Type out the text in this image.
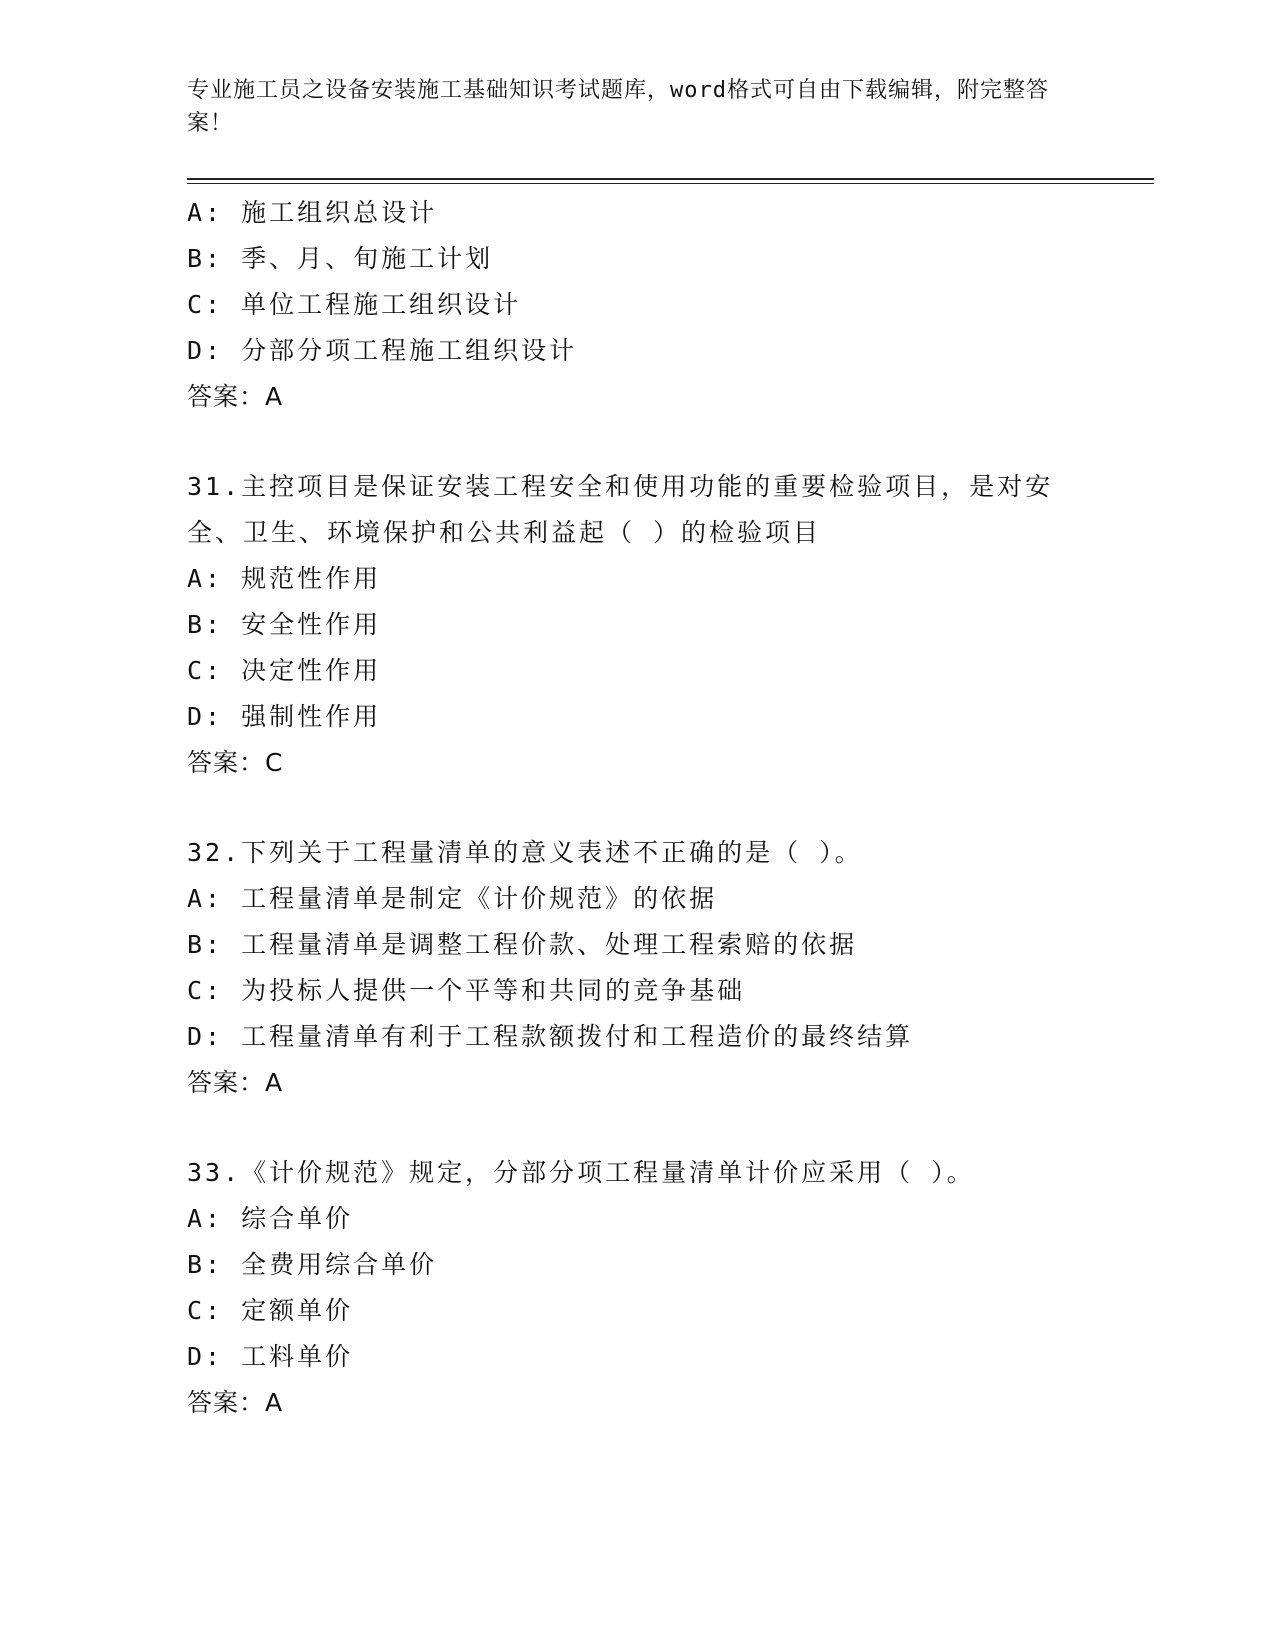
专业施工员之设备安装施工基础知识考试题库，word格式可自由下载编辑，附完整答案！
A: 施工组织总设计
B: 季、月、旬施工计划
C: 单位工程施工组织设计
D: 分部分项工程施工组织设计
答案：A
31.主控项目是保证安装工程安全和使用功能的重要检验项目，是对安全、卫生、环境保护和公共利益起（ ）的检验项目
A: 规范性作用
B: 安全性作用
C: 决定性作用
D: 强制性作用
答案：C
32.下列关于工程量清单的意义表述不正确的是（ ）。
A: 工程量清单是制定《计价规范》的依据
B: 工程量清单是调整工程价款、处理工程索赔的依据
C: 为投标人提供一个平等和共同的竞争基础
D: 工程量清单有利于工程款额拨付和工程造价的最终结算
答案：A
33.《计价规范》规定，分部分项工程量清单计价应采用（ ）。
A: 综合单价
B: 全费用综合单价
C: 定额单价
D: 工料单价
答案：A
